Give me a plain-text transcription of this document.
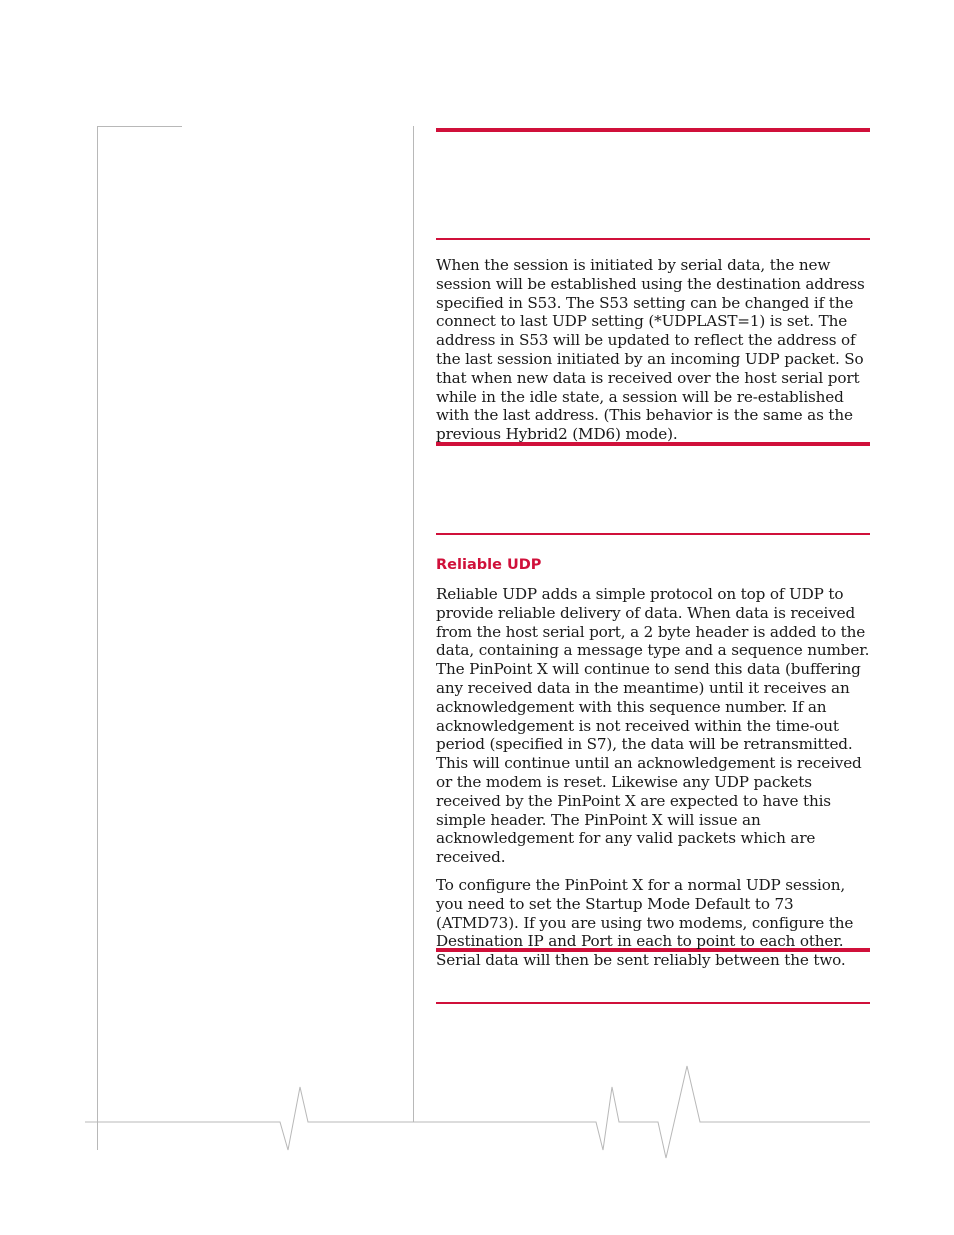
When the session is initiated by serial data, the new session will be established using the destination address specified in S53. The S53 setting can be changed if the connect to last UDP setting (*UDPLAST=1) is set. The address in S53 will be updated to reflect the address of the last session initiated by an incoming UDP packet. So that when new data is received over the host serial port while in the idle state, a session will be re-established with the last address. (This behavior is the same as the previous Hybrid2 (MD6) mode).

Reliable UDP

Reliable UDP adds a simple protocol on top of UDP to provide reliable delivery of data. When data is received from the host serial port, a 2 byte header is added to the data, containing a message type and a sequence number. The PinPoint X will continue to send this data (buffering any received data in the meantime) until it receives an acknowledgement with this sequence number. If an acknowledgement is not received within the time-out period (specified in S7), the data will be retransmitted. This will continue until an acknowledgement is received or the modem is reset. Likewise any UDP packets received by the PinPoint X are expected to have this simple header. The PinPoint X will issue an acknowledgement for any valid packets which are received.

To configure the PinPoint X for a normal UDP session, you need to set the Startup Mode Default to 73 (ATMD73). If you are using two modems, configure the Destination IP and Port in each to point to each other. Serial data will then be sent reliably between the two.
